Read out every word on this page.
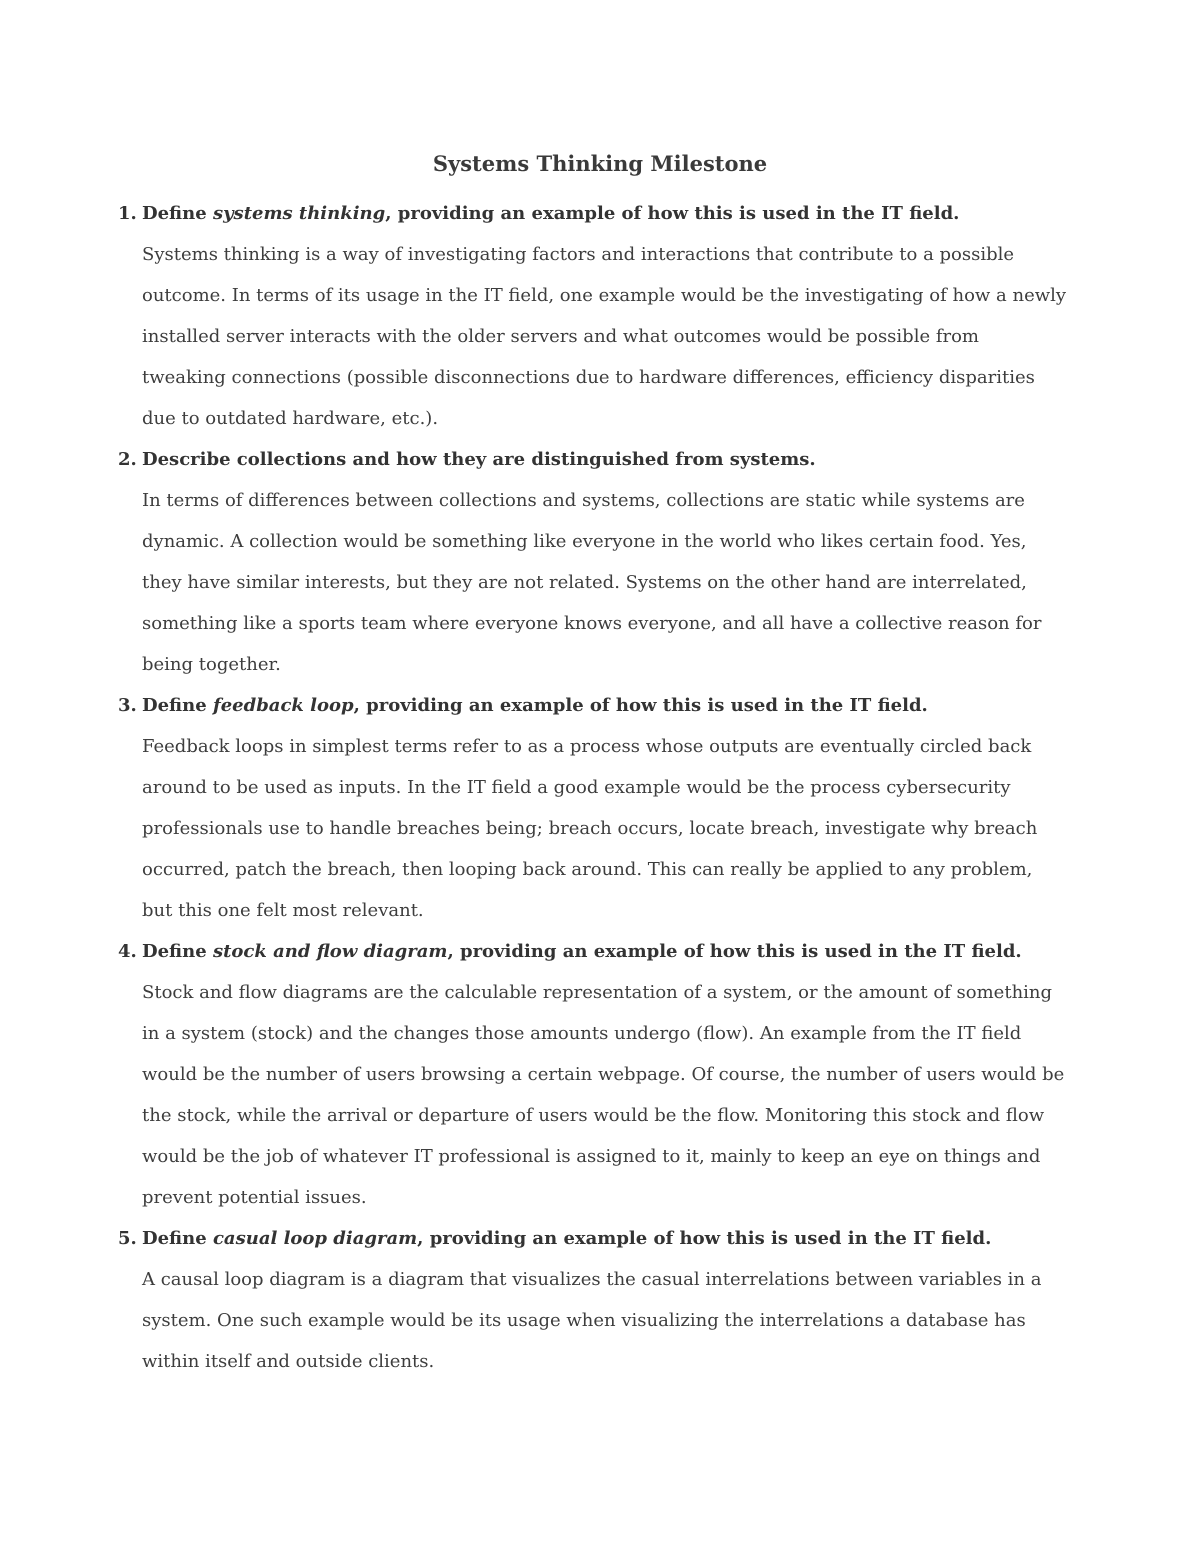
Systems Thinking Milestone
1. Define systems thinking, providing an example of how this is used in the IT field.

Systems thinking is a way of investigating factors and interactions that contribute to a possible outcome. In terms of its usage in the IT field, one example would be the investigating of how a newly installed server interacts with the older servers and what outcomes would be possible from tweaking connections (possible disconnections due to hardware differences, efficiency disparities due to outdated hardware, etc.).

2. Describe collections and how they are distinguished from systems.

In terms of differences between collections and systems, collections are static while systems are dynamic. A collection would be something like everyone in the world who likes certain food. Yes, they have similar interests, but they are not related. Systems on the other hand are interrelated, something like a sports team where everyone knows everyone, and all have a collective reason for being together.

3. Define feedback loop, providing an example of how this is used in the IT field.

Feedback loops in simplest terms refer to as a process whose outputs are eventually circled back around to be used as inputs. In the IT field a good example would be the process cybersecurity professionals use to handle breaches being; breach occurs, locate breach, investigate why breach occurred, patch the breach, then looping back around. This can really be applied to any problem, but this one felt most relevant.

4. Define stock and flow diagram, providing an example of how this is used in the IT field.

Stock and flow diagrams are the calculable representation of a system, or the amount of something in a system (stock) and the changes those amounts undergo (flow). An example from the IT field would be the number of users browsing a certain webpage. Of course, the number of users would be the stock, while the arrival or departure of users would be the flow. Monitoring this stock and flow would be the job of whatever IT professional is assigned to it, mainly to keep an eye on things and prevent potential issues.

5. Define casual loop diagram, providing an example of how this is used in the IT field.

A causal loop diagram is a diagram that visualizes the casual interrelations between variables in a system. One such example would be its usage when visualizing the interrelations a database has within itself and outside clients.
